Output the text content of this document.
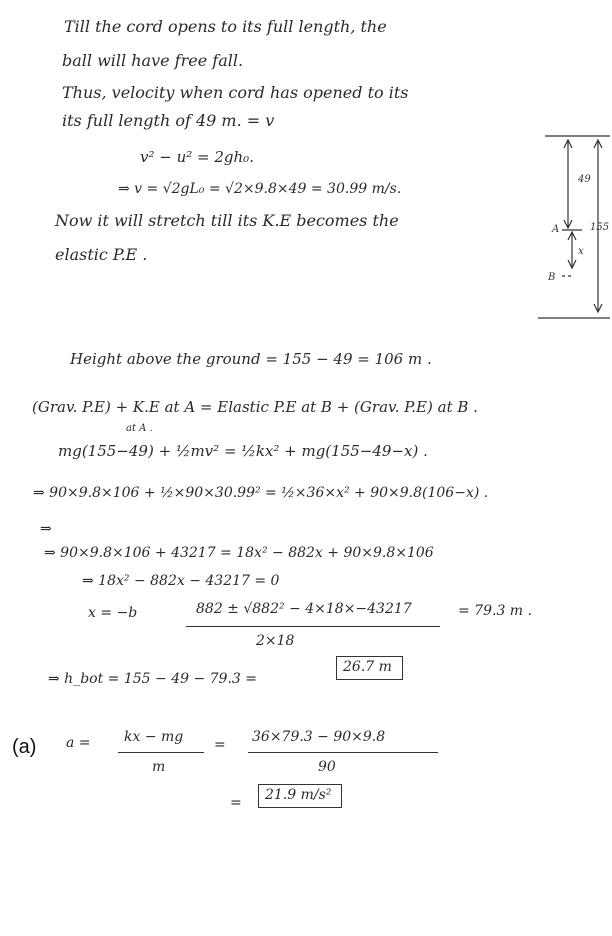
Till the cord opens to its full length, the
ball will have free fall.
Thus, velocity when cord has opened to its
its full length of 49 m. = v
v² − u² = 2gh₀.
⇒ v = √2gL₀ = √2×9.8×49 = 30.99 m/s.
Now it will stretch till its K.E becomes the
elastic P.E .
49
155
A
B
x
Height above the ground = 155 − 49 = 106 m .
(Grav. P.E) + K.E at A = Elastic P.E at B + (Grav. P.E) at B .
at A .
mg(155−49) + ½mv² = ½kx² + mg(155−49−x) .
⇒ 90×9.8×106 + ½×90×30.99² = ½×36×x² + 90×9.8(106−x) .
⇒
⇒ 90×9.8×106 + 43217 = 18x² − 882x + 90×9.8×106
⇒ 18x² − 882x − 43217 = 0
x = −b	882 ± √882² − 4×18×−43217
2×18
= 79.3 m .
⇒ h_bot = 155 − 49 − 79.3 =
26.7 m
(a) a = kx − mg
m
= 36×79.3 − 90×9.8
90
=	21.9 m/s²
